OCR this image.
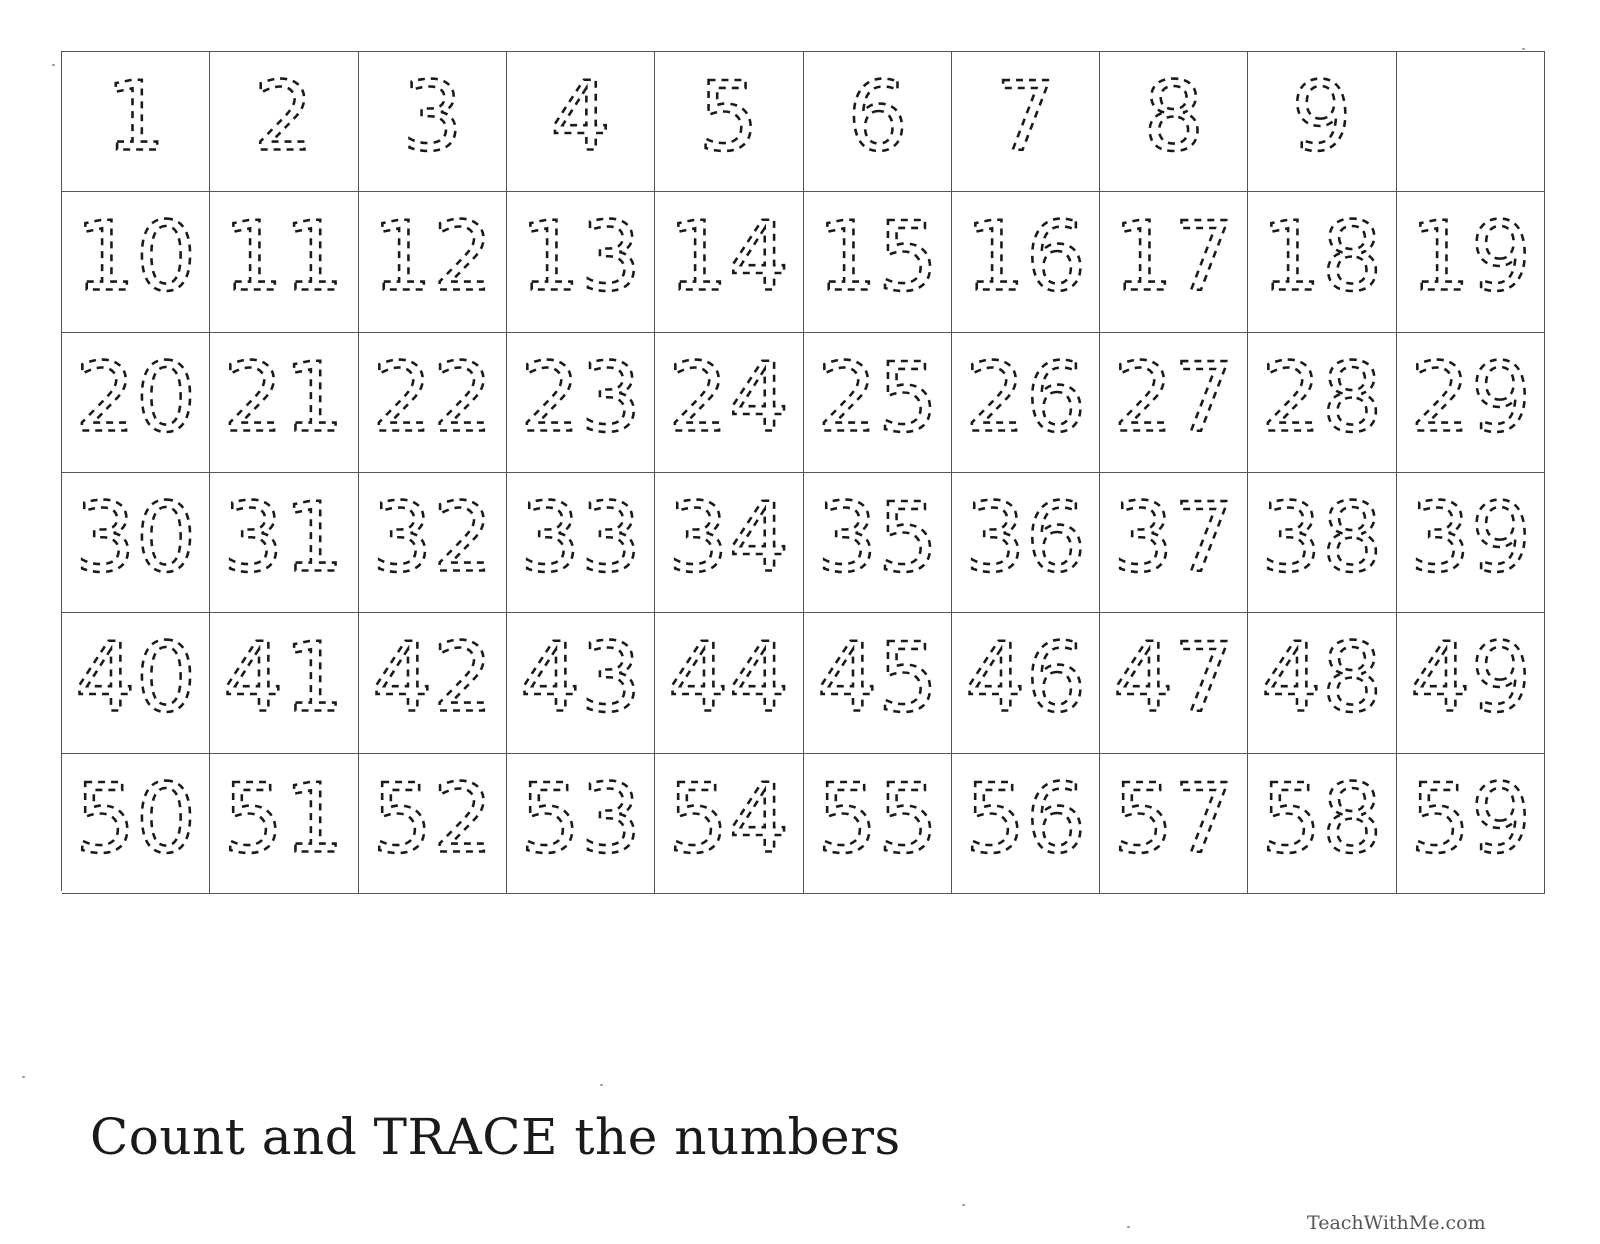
1 2 3 4 5 6 7 8 9
10 11 12 13 14 15 16 17 18 19
20 21 22 23 24 25 26 27 28 29
30 31 32 33 34 35 36 37 38 39
40 41 42 43 44 45 46 47 48 49
50 51 52 53 54 55 56 57 58 59
Count and TRACE the numbers
TeachWithMe.com
